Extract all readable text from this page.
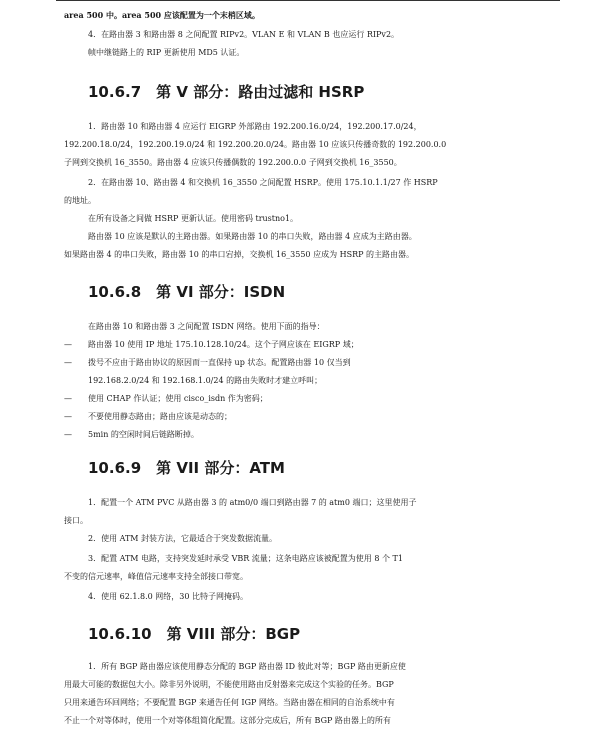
area 500 中。area 500 应该配置为一个末梢区域。

4．在路由器 3 和路由器 8 之间配置 RIPv2。VLAN E 和 VLAN B 也应运行 RIPv2。
帧中继链路上的 RIP 更新使用 MD5 认证。

10.6.7　第 V 部分：路由过滤和 HSRP

1．路由器 10 和路由器 4 应运行 EIGRP 外部路由 192.200.16.0/24，192.200.17.0/24，
192.200.18.0/24，192.200.19.0/24 和 192.200.20.0/24。路由器 10 应该只传播奇数的 192.200.0.0
子网到交换机 16_3550。路由器 4 应该只传播偶数的 192.200.0.0 子网到交换机 16_3550。

2．在路由器 10、路由器 4 和交换机 16_3550 之间配置 HSRP。使用 175.10.1.1/27 作 HSRP
的地址。

在所有设备之间做 HSRP 更新认证。使用密码 trustno1。

路由器 10 应该是默认的主路由器。如果路由器 10 的串口失败，路由器 4 应成为主路由器。
如果路由器 4 的串口失败，路由器 10 的串口宕掉，交换机 16_3550 应成为 HSRP 的主路由器。

10.6.8　第 VI 部分：ISDN

在路由器 10 和路由器 3 之间配置 ISDN 网络。使用下面的指导：

— 路由器 10 使用 IP 地址 175.10.128.10/24。这个子网应该在 EIGRP 域；
— 拨号不应由于路由协议的原因而一直保持 up 状态。配置路由器 10 仅当到
192.168.2.0/24 和 192.168.1.0/24 的路由失败时才建立呼叫；
— 使用 CHAP 作认证；使用 cisco_isdn 作为密码；
— 不要使用静态路由；路由应该是动态的；
— 5min 的空闲时间后链路断掉。
10.6.9　第 VII 部分：ATM

1．配置一个 ATM PVC 从路由器 3 的 atm0/0 端口到路由器 7 的 atm0 端口；这里使用子
接口。

2．使用 ATM 封装方法，它最适合于突发数据流量。

3．配置 ATM 电路，支持突发延时承受 VBR 流量；这条电路应该被配置为使用 8 个 T1
不变的信元速率，峰值信元速率支持全部接口带宽。

4．使用 62.1.8.0 网络，30 比特子网掩码。

10.6.10　第 VIII 部分：BGP

1．所有 BGP 路由器应该使用静态分配的 BGP 路由器 ID 彼此对等；BGP 路由更新应使
用最大可能的数据包大小。除非另外说明，不能使用路由反射器来完成这个实验的任务。BGP
只用来通告环回网络；不要配置 BGP 来通告任何 IGP 网络。当路由器在相同的自治系统中有
不止一个对等体时，使用一个对等体组简化配置。这部分完成后，所有 BGP 路由器上的所有
